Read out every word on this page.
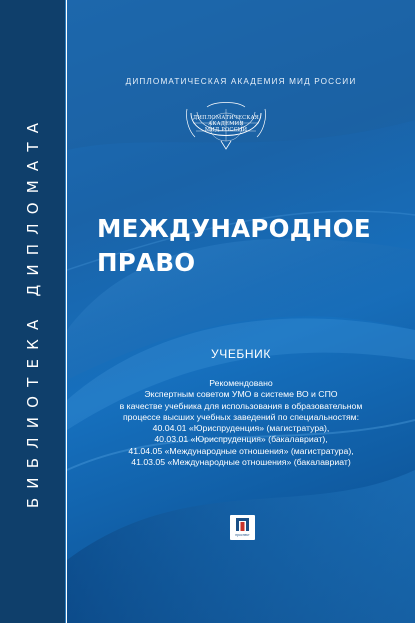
БИБЛИОТЕКА ДИПЛОМАТА
ДИПЛОМАТИЧЕСКАЯ АКАДЕМИЯ МИД РОССИИ
ДИПЛОМАТИЧЕСКАЯ
АКАДЕМИЯ
МИД РОССИИ
МЕЖДУНАРОДНОЕ
ПРАВО
УЧЕБНИК
Рекомендовано
Экспертным советом УМО в системе ВО и СПО
в качестве учебника для использования в образовательном
процессе высших учебных заведений по специальностям:
40.04.01 «Юриспруденция» (магистратура),
40.03.01 «Юриспруденция» (бакалавриат),
41.04.05 «Международные отношения» (магистратура),
41.03.05 «Международные отношения» (бакалавриат)
проспект
